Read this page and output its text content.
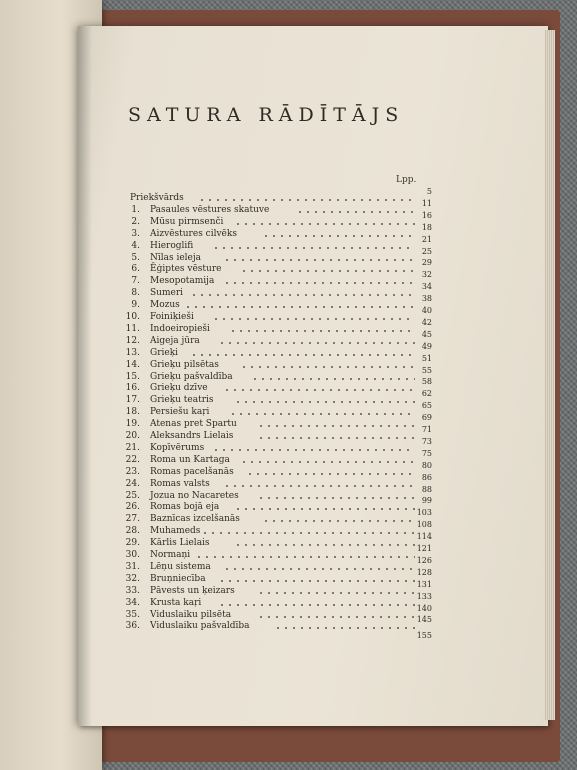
SATURA RĀDĪTĀJS
Lpp.
Priekšvārds
5
1. Pasaules vēstures skatuve
11
2. Mūsu pirmsenči
16
3. Aizvēstures cilvēks
18
4. Hieroglifi
21
5. Nīlas ieleja
25
6. Ēģiptes vēsture
29
7. Mesopotamija
32
8. Sumeri
34
9. Mozus
38
10. Foiniķieši
40
11. Indoeiropieši
42
12. Aigeja jūra
45
13. Grieķi
49
14. Grieķu pilsētas
51
15. Grieķu pašvaldība
55
16. Grieķu dzīve
58
17. Grieķu teatris
62
18. Persiešu kaŗi
65
19. Atenas pret Spartu
69
20. Aleksandrs Lielais
71
21. Kopīvērums
73
22. Roma un Kartaga
75
23. Romas pacelšanās
80
24. Romas valsts
86
25. Jozua no Nacaretes
88
26. Romas bojā eja
99
27. Baznīcas izcelšanās
103
28. Muhameds
108
29. Kārlis Lielais
114
30. Normaņi
121
31. Lēņu sistema
126
32. Bruņniecība
128
33. Pāvests un ķeizars
131
34. Krusta kaŗi
133
35. Viduslaiku pilsēta
140
36. Viduslaiku pašvaldība
145
155
